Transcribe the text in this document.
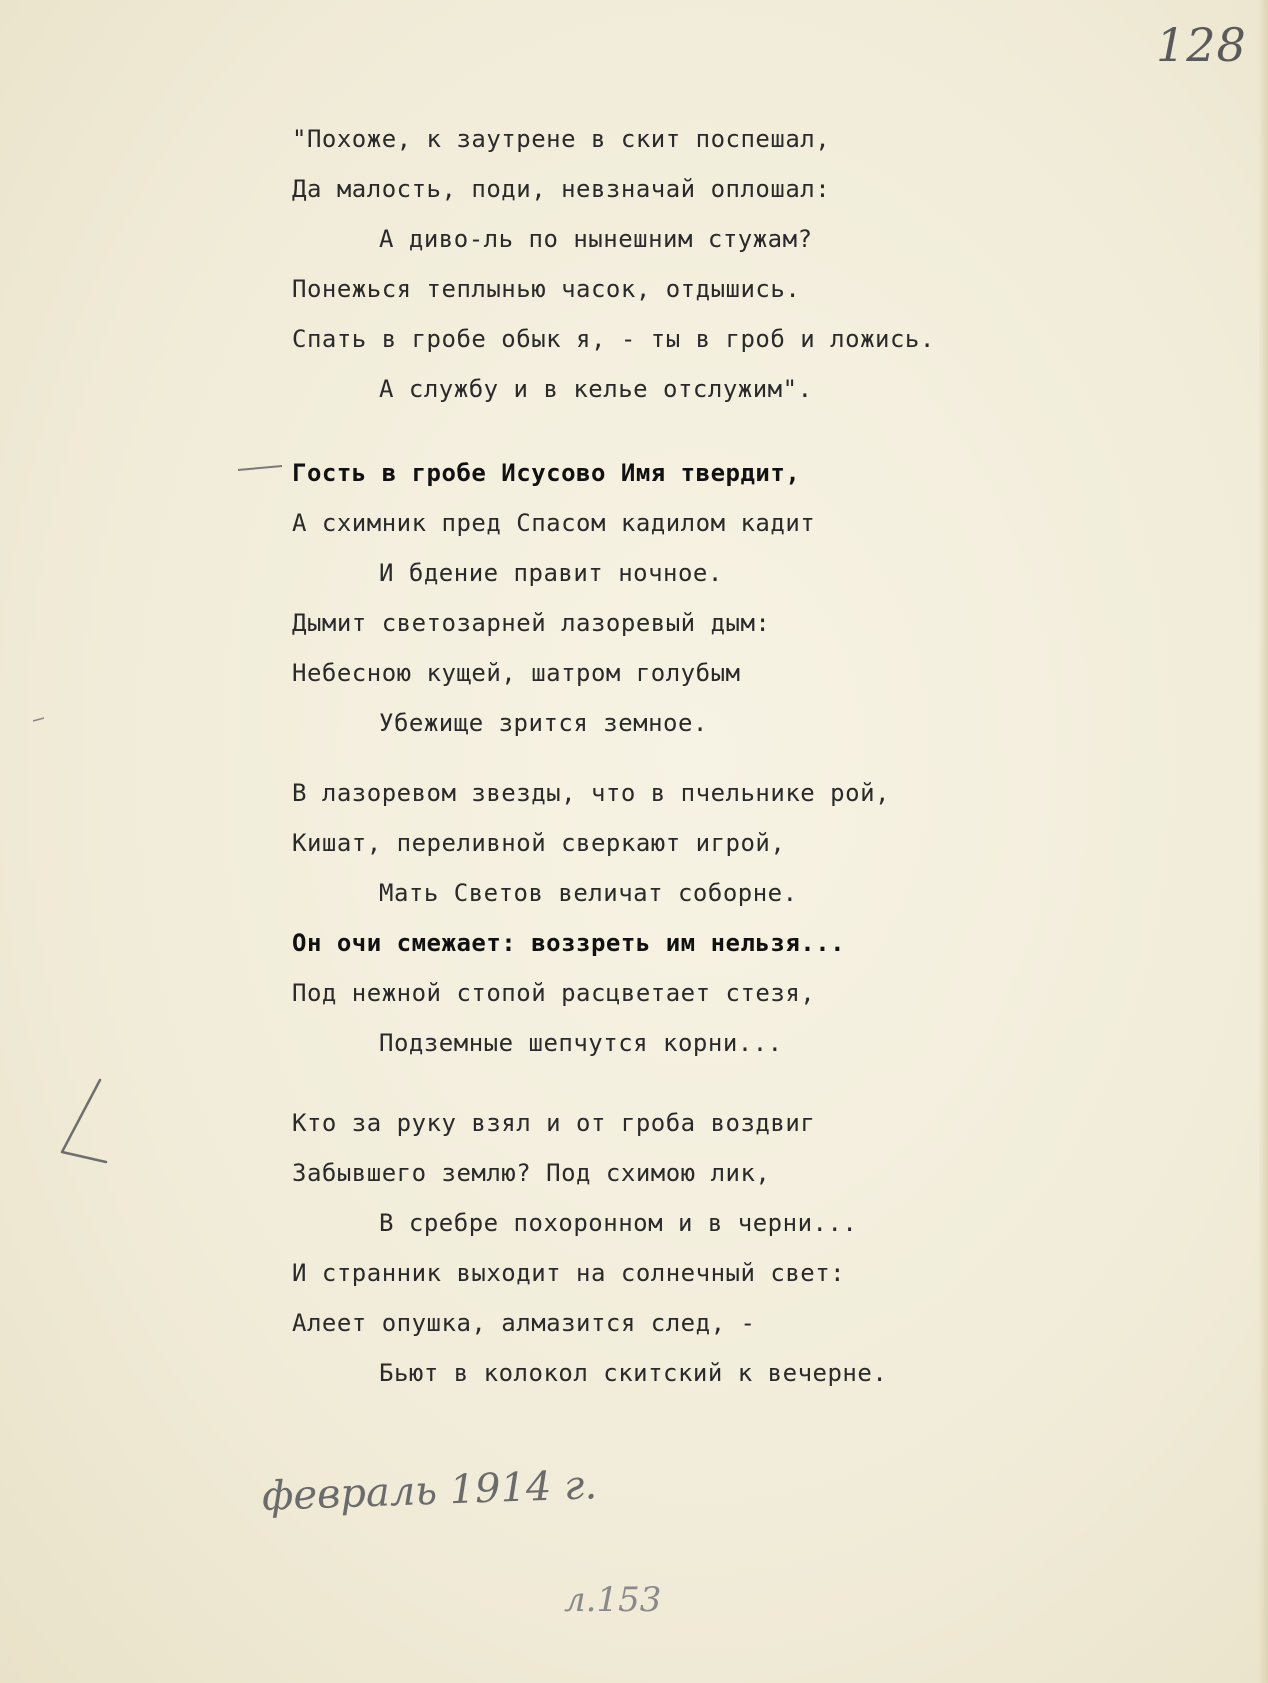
128
"Похоже, к заутрене в скит поспешал,
Да малость, поди, невзначай оплошал:
А диво-ль по нынешним стужам?
Понежься теплынью часок, отдышись.
Спать в гробе обык я, - ты в гроб и ложись.
А службу и в келье отслужим".
Гость в гробе Исусово Имя твердит,
А схимник пред Спасом кадилом кадит
И бдение правит ночное.
Дымит светозарней лазоревый дым:
Небесною кущей, шатром голубым
Убежище зрится земное.
В лазоревом звезды, что в пчельнике рой,
Кишат, переливной сверкают игрой,
Мать Светов величат соборне.
Он очи смежает: воззреть им нельзя...
Под нежной стопой расцветает стезя,
Подземные шепчутся корни...
Кто за руку взял и от гроба воздвиг
Забывшего землю? Под схимою лик,
В сребре похоронном и в черни...
И странник выходит на солнечный свет:
Алеет опушка, алмазится след, -
Бьют в колокол скитский к вечерне.
февраль 1914 г.
л.153
